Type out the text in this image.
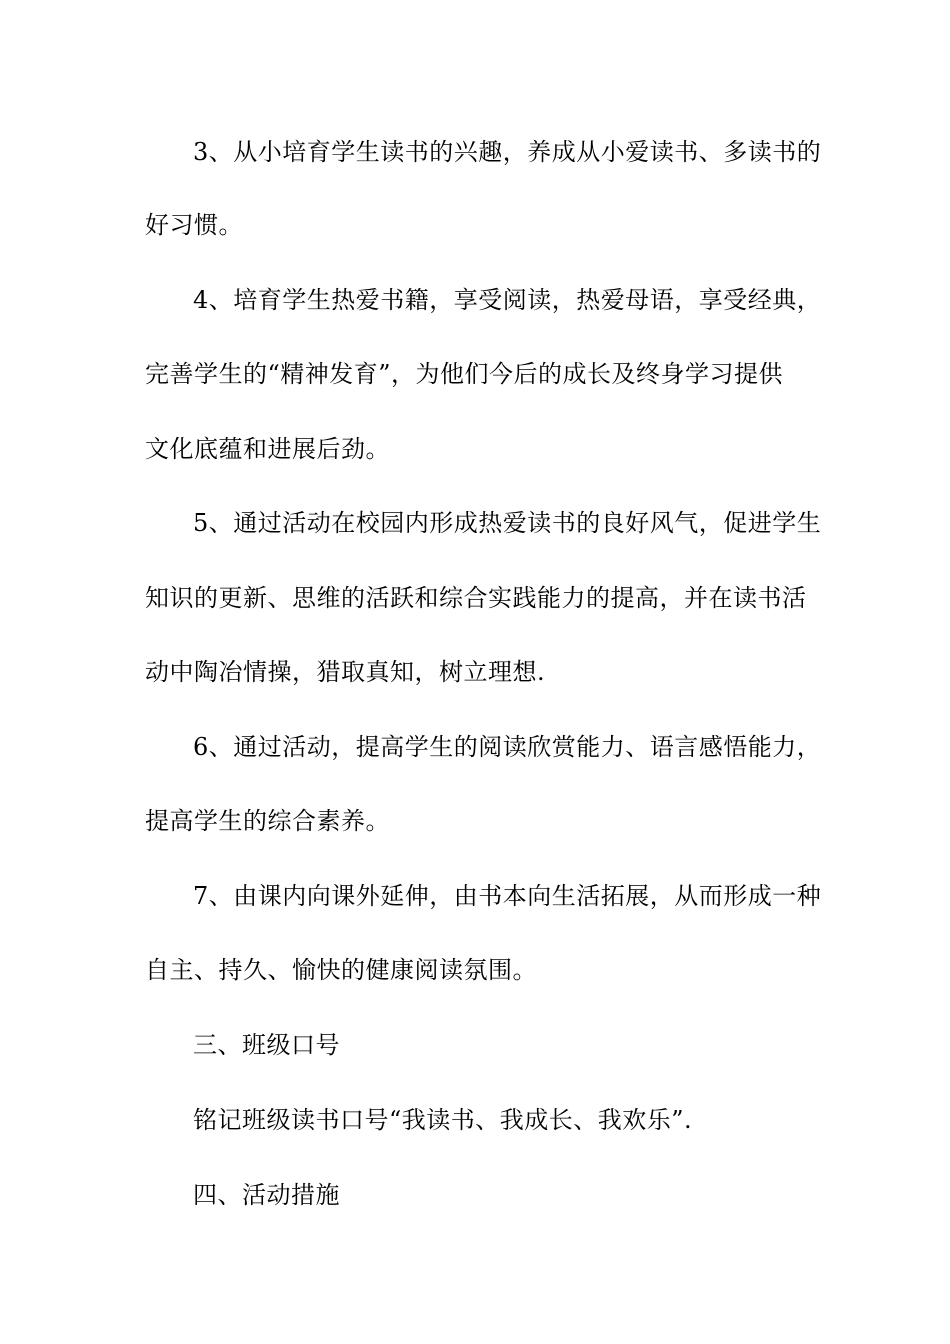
3、从小培育学生读书的兴趣，养成从小爱读书、多读书的
好习惯。
4、培育学生热爱书籍，享受阅读，热爱母语，享受经典，
完善学生的“精神发育”，为他们今后的成长及终身学习提供
文化底蕴和进展后劲。
5、通过活动在校园内形成热爱读书的良好风气，促进学生
知识的更新、思维的活跃和综合实践能力的提高，并在读书活
动中陶冶情操，猎取真知，树立理想.
6、通过活动，提高学生的阅读欣赏能力、语言感悟能力，
提高学生的综合素养。
7、由课内向课外延伸，由书本向生活拓展，从而形成一种
自主、持久、愉快的健康阅读氛围。
三、班级口号
铭记班级读书口号“我读书、我成长、我欢乐”.
四、活动措施
